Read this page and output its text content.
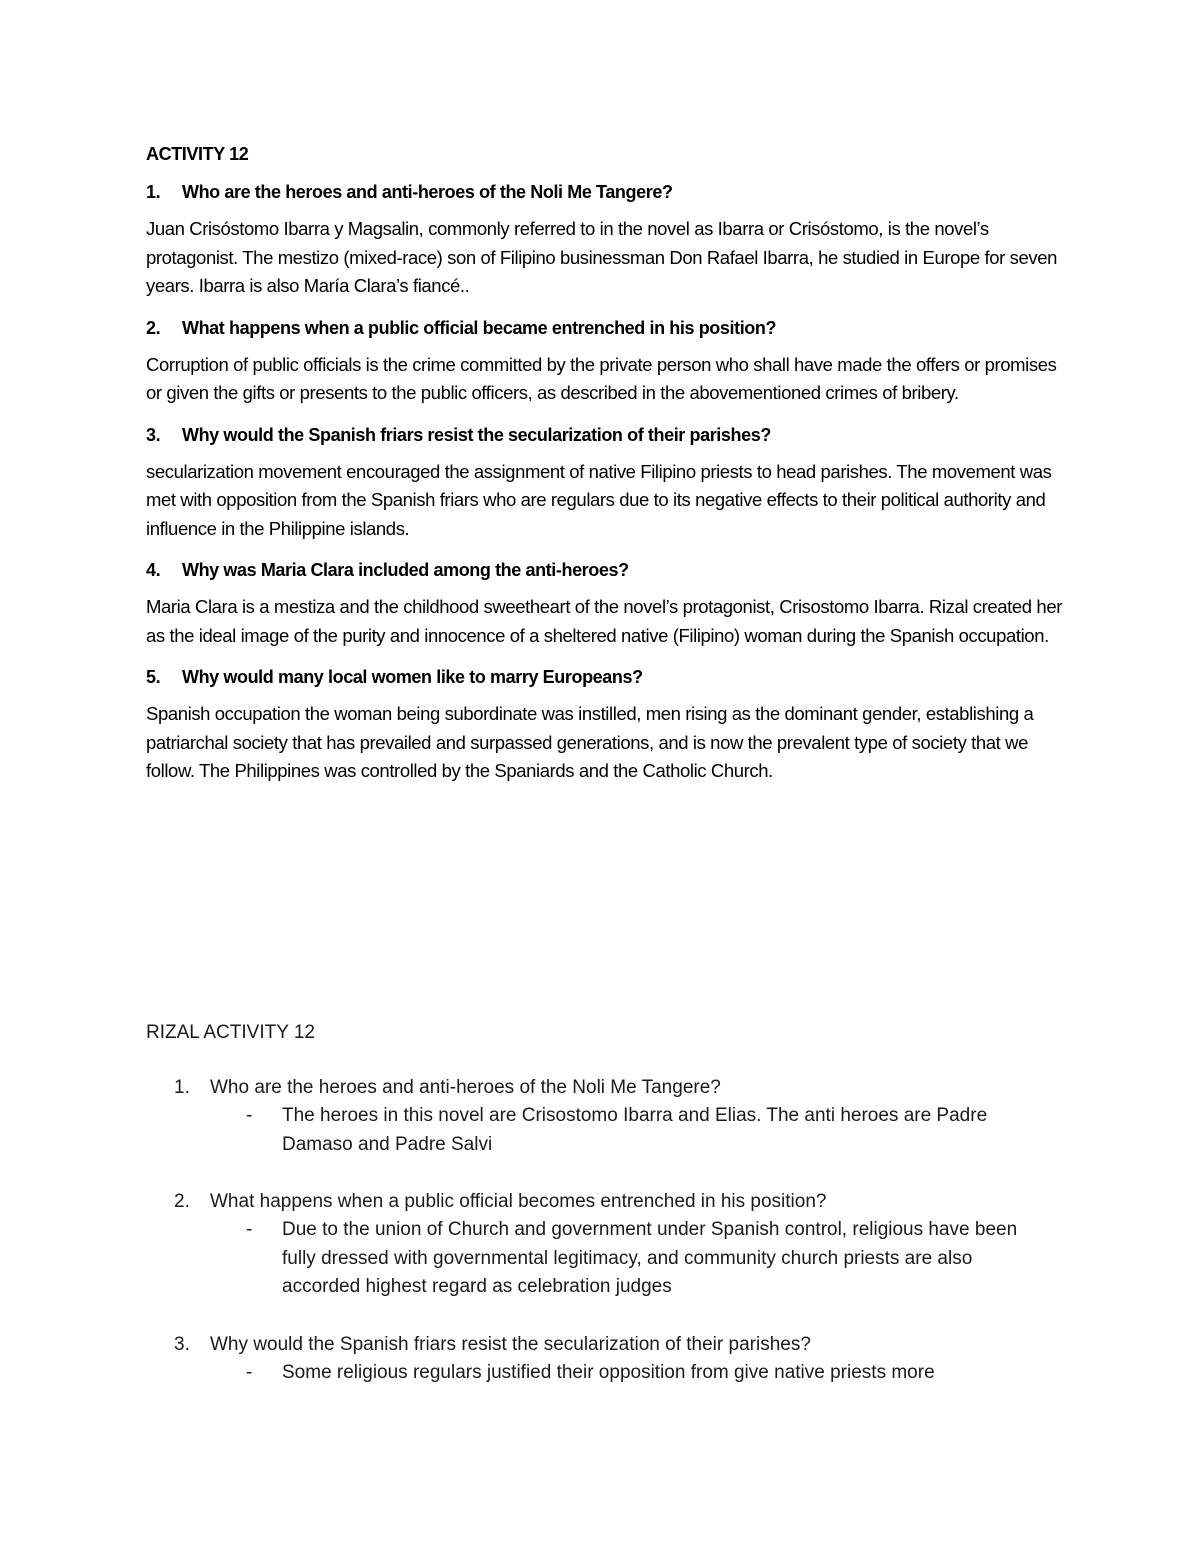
ACTIVITY 12
1.	Who are the heroes and anti-heroes of the Noli Me Tangere?
Juan Crisóstomo Ibarra y Magsalin, commonly referred to in the novel as Ibarra or Crisóstomo, is the novel’s protagonist. The mestizo (mixed-race) son of Filipino businessman Don Rafael Ibarra, he studied in Europe for seven years. Ibarra is also María Clara’s fiancé..
2.	What happens when a public official became entrenched in his position?
Corruption of public officials is the crime committed by the private person who shall have made the offers or promises or given the gifts or presents to the public officers, as described in the abovementioned crimes of bribery.
3.	Why would the Spanish friars resist the secularization of their parishes?
secularization movement encouraged the assignment of native Filipino priests to head parishes. The movement was met with opposition from the Spanish friars who are regulars due to its negative effects to their political authority and influence in the Philippine islands.
4.	Why was Maria Clara included among the anti-heroes?
Maria Clara is a mestiza and the childhood sweetheart of the novel’s protagonist, Crisostomo Ibarra. Rizal created her as the ideal image of the purity and innocence of a sheltered native (Filipino) woman during the Spanish occupation.
5.	Why would many local women like to marry Europeans?
Spanish occupation the woman being subordinate was instilled, men rising as the dominant gender, establishing a patriarchal society that has prevailed and surpassed generations, and is now the prevalent type of society that we follow. The Philippines was controlled by the Spaniards and the Catholic Church.
RIZAL ACTIVITY 12
1.	Who are the heroes and anti-heroes of the Noli Me Tangere?
-	The heroes in this novel are Crisostomo Ibarra and Elias. The anti heroes are Padre Damaso and Padre Salvi
2.	What happens when a public official becomes entrenched in his position?
-	Due to the union of Church and government under Spanish control, religious have been fully dressed with governmental legitimacy, and community church priests are also accorded highest regard as celebration judges
3.	Why would the Spanish friars resist the secularization of their parishes?
-	Some religious regulars justified their opposition from give native priests more
